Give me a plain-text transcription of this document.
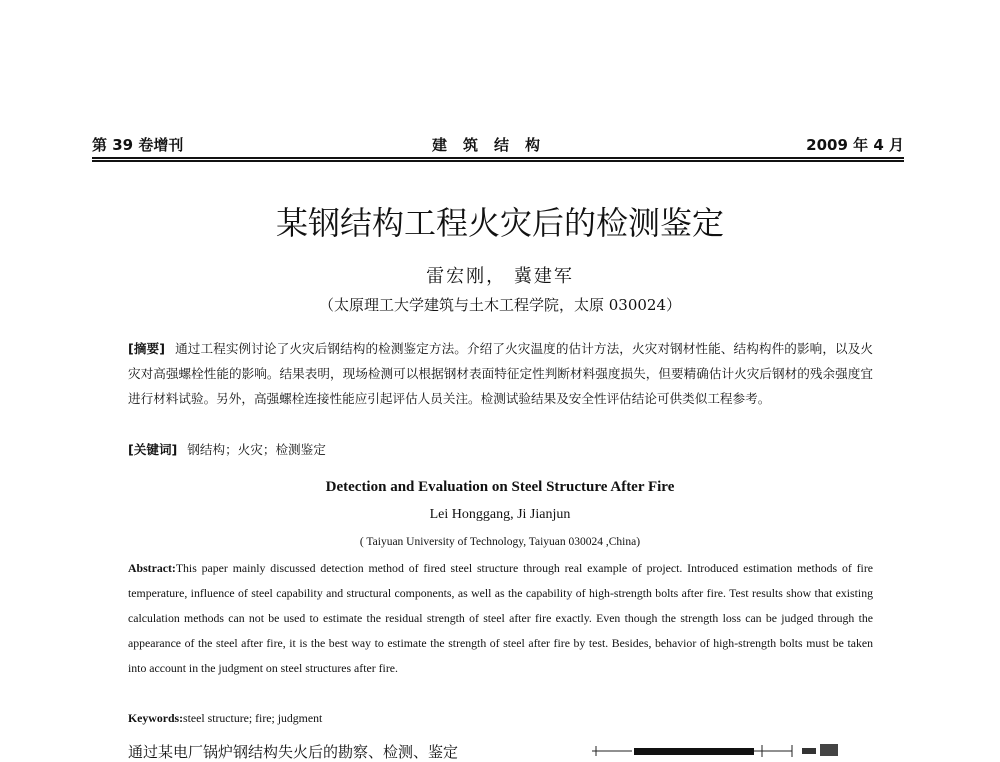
第 39 卷增刊	建筑结构	2009 年 4 月
某钢结构工程火灾后的检测鉴定
雷宏刚， 冀建军
（太原理工大学建筑与土木工程学院，太原 030024）
[摘要] 通过工程实例讨论了火灾后钢结构的检测鉴定方法。介绍了火灾温度的估计方法，火灾对钢材性能、结构构件的影响，以及火灾对高强螺栓性能的影响。结果表明，现场检测可以根据钢材表面特征定性判断材料强度损失，但要精确估计火灾后钢材的残余强度宜进行材料试验。另外，高强螺栓连接性能应引起评估人员关注。检测试验结果及安全性评估结论可供类似工程参考。
[关键词] 钢结构；火灾；检测鉴定
Detection and Evaluation on Steel Structure After Fire
Lei Honggang, Ji Jianjun
( Taiyuan University of Technology, Taiyuan 030024 ,China)
Abstract:This paper mainly discussed detection method of fired steel structure through real example of project. Introduced estimation methods of fire temperature, influence of steel capability and structural components, as well as the capability of high-strength bolts after fire. Test results show that existing calculation methods can not be used to estimate the residual strength of steel after fire exactly. Even though the strength loss can be judged through the appearance of the steel after fire, it is the best way to estimate the strength of steel after fire by test. Besides, behavior of high-strength bolts must be taken into account in the judgment on steel structures after fire.
Keywords:steel structure; fire; judgment
通过某电厂锅炉钢结构失火后的勘察、检测、鉴定
